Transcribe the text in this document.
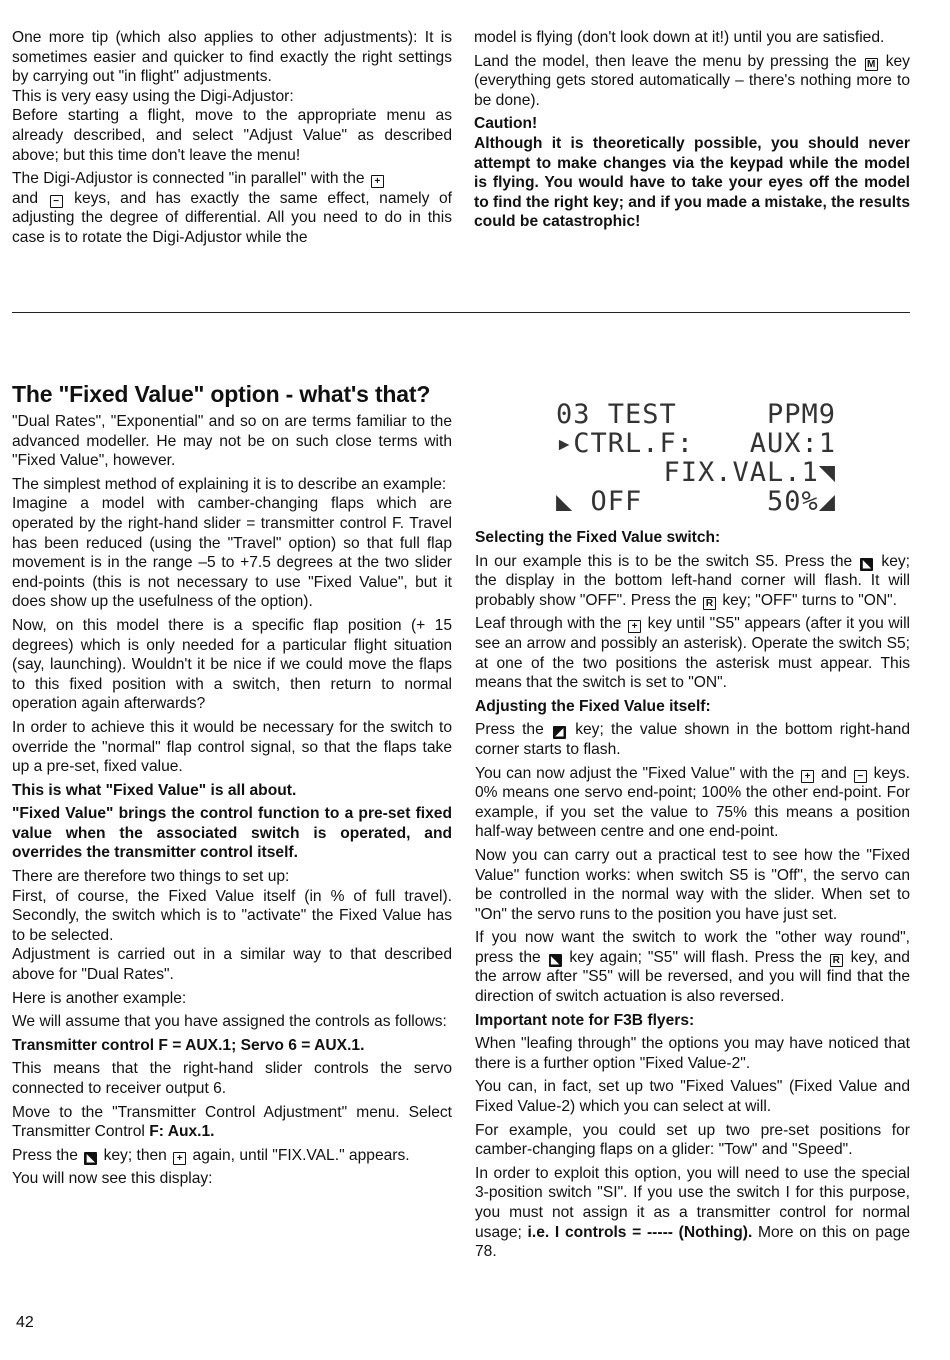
One more tip (which also applies to other adjustments): It is sometimes easier and quicker to find exactly the right settings by carrying out "in flight" adjustments.

This is very easy using the Digi-Adjustor:

Before starting a flight, move to the appropriate menu as already described, and select "Adjust Value" as described above; but this time don't leave the menu!

The Digi-Adjustor is connected "in parallel" with the +
and − keys, and has exactly the same effect, namely of adjusting the degree of differential. All you need to do in this case is to rotate the Digi-Adjustor while the

model is flying (don't look down at it!) until you are satisfied.

Land the model, then leave the menu by pressing the M key (everything gets stored automatically – there's nothing more to be done).

Caution!

Although it is theoretically possible, you should never attempt to make changes via the keypad while the model is flying. You would have to take your eyes off the model to find the right key; and if you made a mistake, the results could be catastrophic!

The "Fixed Value" option - what's that?

"Dual Rates", "Exponential" and so on are terms familiar to the advanced modeller. He may not be on such close terms with "Fixed Value", however.

The simplest method of explaining it is to describe an example:

Imagine a model with camber-changing flaps which are operated by the right-hand slider = transmitter control F. Travel has been reduced (using the "Travel" option) so that full flap movement is in the range –5 to +7.5 degrees at the two slider end-points (this is not necessary to use "Fixed Value", but it does show up the usefulness of the option).

Now, on this model there is a specific flap position (+ 15 degrees) which is only needed for a particular flight situation (say, launching). Wouldn't it be nice if we could move the flaps to this fixed position with a switch, then return to normal operation again afterwards?

In order to achieve this it would be necessary for the switch to override the "normal" flap control signal, so that the flaps take up a pre-set, fixed value.

This is what "Fixed Value" is all about.

"Fixed Value" brings the control function to a pre-set fixed value when the associated switch is operated, and overrides the transmitter control itself.

There are therefore two things to set up:

First, of course, the Fixed Value itself (in % of full travel). Secondly, the switch which is to "activate" the Fixed Value has to be selected.

Adjustment is carried out in a similar way to that described above for "Dual Rates".

Here is another example:

We will assume that you have assigned the controls as follows:

Transmitter control F = AUX.1; Servo 6 = AUX.1.

This means that the right-hand slider controls the servo connected to receiver output 6.

Move to the "Transmitter Control Adjustment" menu. Select Transmitter Control F: Aux.1.

Press the ◣ key; then + again, until "FIX.VAL." appears.

You will now see this display:

03 TEST

	PPM9

▸CTRL.F:

AUX:1

FIX.VAL.1◥

◣ OFF

	50%◢

Selecting the Fixed Value switch:

In our example this is to be the switch S5. Press the ◣ key; the display in the bottom left-hand corner will flash. It will probably show "OFF". Press the R key; "OFF" turns to "ON".

Leaf through with the + key until "S5" appears (after it you will see an arrow and possibly an asterisk). Operate the switch S5; at one of the two positions the asterisk must appear. This means that the switch is set to "ON".

Adjusting the Fixed Value itself:

Press the ◢ key; the value shown in the bottom right-hand corner starts to flash.

You can now adjust the "Fixed Value" with the + and − keys. 0% means one servo end-point; 100% the other end-point. For example, if you set the value to 75% this means a position half-way between centre and one end-point.

Now you can carry out a practical test to see how the "Fixed Value" function works: when switch S5 is "Off", the servo can be controlled in the normal way with the slider. When set to "On" the servo runs to the position you have just set.

If you now want the switch to work the "other way round", press the ◣ key again; "S5" will flash. Press the R key, and the arrow after "S5" will be reversed, and you will find that the direction of switch actuation is also reversed.

Important note for F3B flyers:

When "leafing through" the options you may have noticed that there is a further option "Fixed Value-2".

You can, in fact, set up two "Fixed Values" (Fixed Value and Fixed Value-2) which you can select at will.

For example, you could set up two pre-set positions for camber-changing flaps on a glider: "Tow" and "Speed".

In order to exploit this option, you will need to use the special 3-position switch "SI". If you use the switch I for this purpose, you must not assign it as a transmitter control for normal usage; i.e. I controls = ----- (Nothing). More on this on page 78.

42
